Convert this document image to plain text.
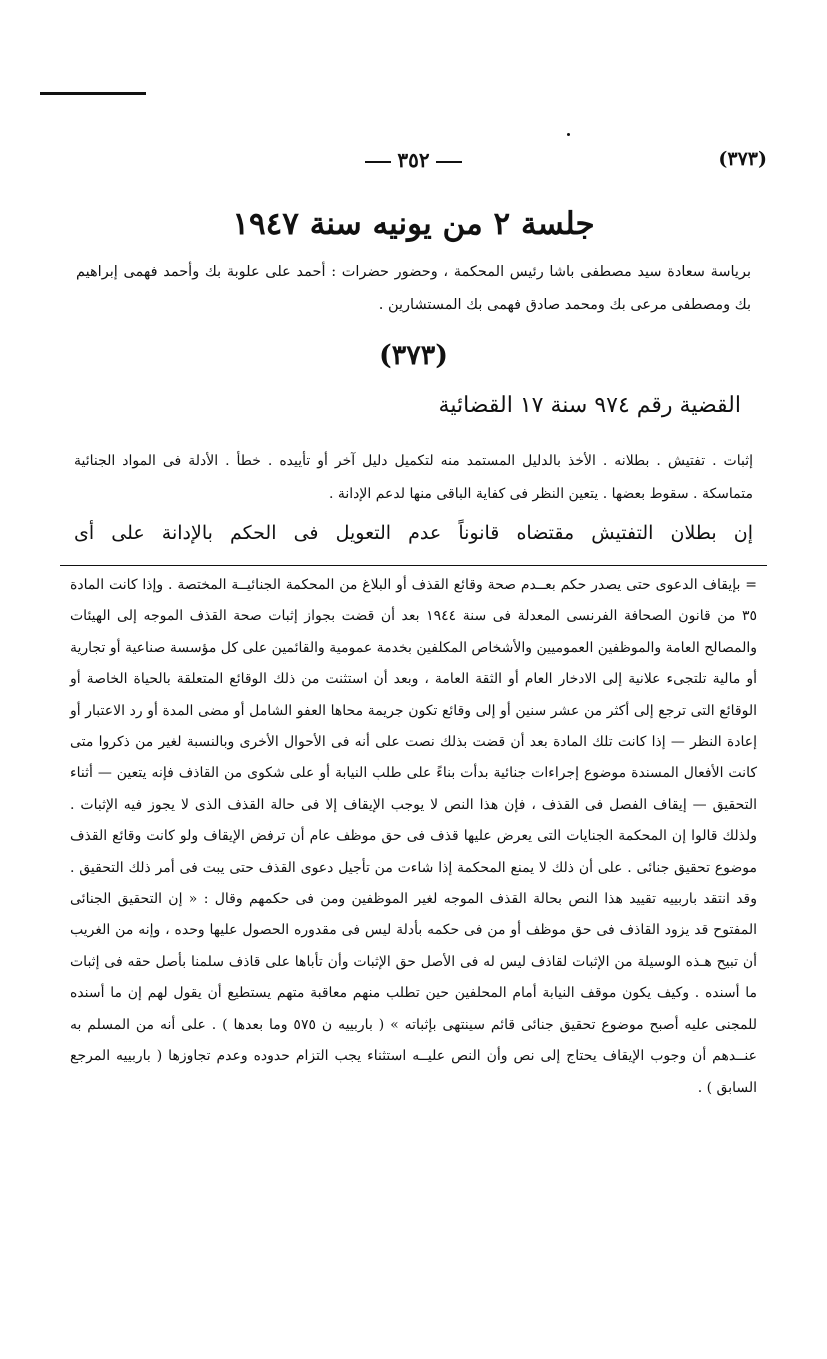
(٣٧٣)
٣٥٢
جلسة ٢ من يونيه سنة ١٩٤٧
برياسة سعادة سيد مصطفى باشا رئيس المحكمة ، وحضور حضرات : أحمد على علوبة بك وأحمد فهمى إبراهيم بك ومصطفى مرعى بك ومحمد صادق فهمى بك المستشارين .
(٣٧٣)
القضية رقم ٩٧٤ سنة ١٧ القضائية
إثبات . تفتيش . بطلانه . الأخذ بالدليل المستمد منه لتكميل دليل آخر أو تأييده . خطأ . الأدلة فى المواد الجنائية متماسكة . سقوط بعضها . يتعين النظر فى كفاية الباقى منها لدعم الإدانة .
إن بطلان التفتيش مقتضاه قانوناً عدم التعويل فى الحكم بالإدانة على أى
= بإيقاف الدعوى حتى يصدر حكم بعــدم صحة وقائع القذف أو البلاغ من المحكمة الجنائيــة المختصة . وإذا كانت المادة ٣٥ من قانون الصحافة الفرنسى المعدلة فى سنة ١٩٤٤ بعد أن قضت بجواز إثبات صحة القذف الموجه إلى الهيئات والمصالح العامة والموظفين العموميين والأشخاص المكلفين بخدمة عمومية والقائمين على كل مؤسسة صناعية أو تجارية أو مالية تلتجىء علانية إلى الادخار العام أو الثقة العامة ، وبعد أن استثنت من ذلك الوقائع المتعلقة بالحياة الخاصة أو الوقائع التى ترجع إلى أكثر من عشر سنين أو إلى وقائع تكون جريمة محاها العفو الشامل أو مضى المدة أو رد الاعتبار أو إعادة النظر — إذا كانت تلك المادة بعد أن قضت بذلك نصت على أنه فى الأحوال الأخرى وبالنسبة لغير من ذكروا متى كانت الأفعال المسندة موضوع إجراءات جنائية بدأت بناءً على طلب النيابة أو على شكوى من القاذف فإنه يتعين — أثناء التحقيق — إيقاف الفصل فى القذف ، فإن هذا النص لا يوجب الإيقاف إلا فى حالة القذف الذى لا يجوز فيه الإثبات . ولذلك قالوا إن المحكمة الجنايات التى يعرض عليها قذف فى حق موظف عام أن ترفض الإيقاف ولو كانت وقائع القذف موضوع تحقيق جنائى . على أن ذلك لا يمنع المحكمة إذا شاءت من تأجيل دعوى القذف حتى يبت فى أمر ذلك التحقيق . وقد انتقد باربييه تقييد هذا النص بحالة القذف الموجه لغير الموظفين ومن فى حكمهم وقال : « إن التحقيق الجنائى المفتوح قد يزود القاذف فى حق موظف أو من فى حكمه بأدلة ليس فى مقدوره الحصول عليها وحده ، وإنه من الغريب أن تبيح هـذه الوسيلة من الإثبات لقاذف ليس له فى الأصل حق الإثبات وأن تأباها على قاذف سلمنا بأصل حقه فى إثبات ما أسنده . وكيف يكون موقف النيابة أمام المحلفين حين تطلب منهم معاقبة متهم يستطيع أن يقول لهم إن ما أسنده للمجنى عليه أصبح موضوع تحقيق جنائى قائم سينتهى بإثباته » ( باربييه ن ٥٧٥ وما بعدها ) . على أنه من المسلم به عنــدهم أن وجوب الإيقاف يحتاج إلى نص وأن النص عليــه استثناء يجب التزام حدوده وعدم تجاوزها ( باربييه المرجع السابق ) .
